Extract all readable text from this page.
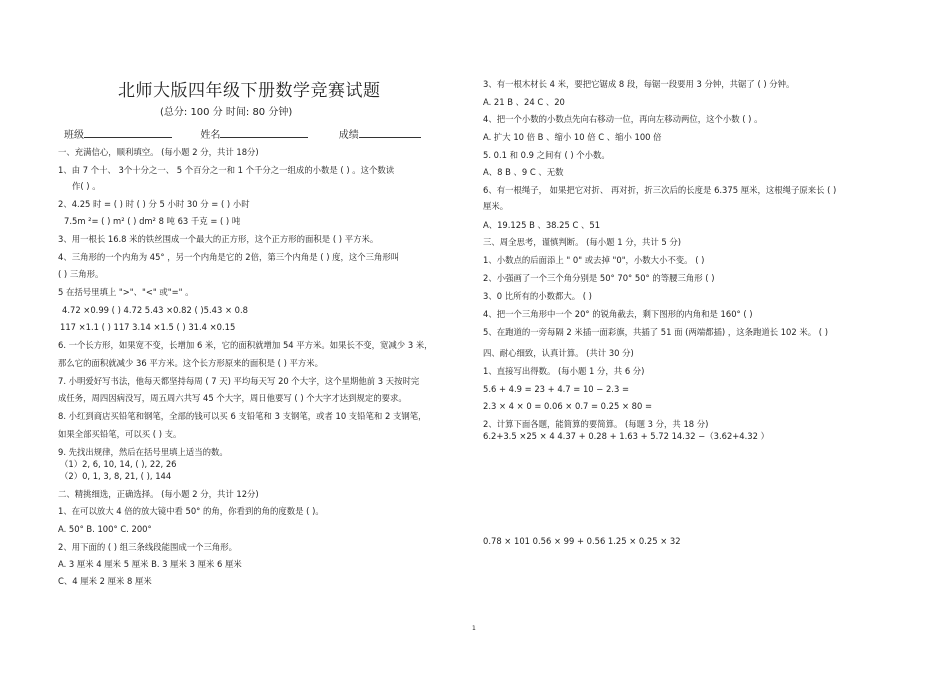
北师大版四年级下册数学竞赛试题
(总分: 100 分 时间: 80 分钟)
班级	姓名	成绩
一、充满信心，顺利填空。 (每小题 2 分，共计 18分)
1、由 7 个十、 3个十分之一、 5 个百分之一和 1 个千分之一组成的小数是 ( ) 。这个数读
作( ) 。
2、4.25 时 = ( ) 时 ( ) 分 5 小时 30 分 = ( ) 小时
7.5m ²= ( ) m² ( ) dm² 8 吨 63 千克 = ( ) 吨
3、用一根长 16.8 米的铁丝围成一个最大的正方形，这个正方形的面积是 ( ) 平方米。
4、三角形的一个内角为 45° ，另一个内角是它的 2倍，第三个内角是 ( ) 度，这个三角形叫
( ) 三角形。
5 在括号里填上 ">"、"<" 或"=" 。
4.72 ×0.99 ( ) 4.72 5.43 ×0.82 ( )5.43 × 0.8
117 ×1.1 ( ) 117 3.14 ×1.5 ( ) 31.4 ×0.15
6. 一个长方形，如果宽不变，长增加 6 米，它的面积就增加 54 平方米。如果长不变，宽减少 3 米，
那么它的面积就减少 36 平方米。这个长方形原来的面积是 ( ) 平方米。
7. 小明爱好写书法，他每天都坚持每周 ( 7 天) 平均每天写 20 个大字，这个星期他前 3 天按时完
成任务，周四因病没写，周五周六共写 45 个大字，周日他要写 ( ) 个大字才达到规定的要求。
8. 小红到商店买铅笔和钢笔，全部的钱可以买 6 支铅笔和 3 支钢笔，或者 10 支铅笔和 2 支钢笔，
如果全部买铅笔，可以买 ( ) 支。
9. 先找出规律，然后在括号里填上适当的数。
（1）2, 6, 10, 14, ( ), 22, 26
（2）0, 1, 3, 8, 21, ( ), 144
二、精挑细选，正确选择。 (每小题 2 分，共计 12分)
1、在可以放大 4 倍的放大镜中看 50° 的角，你看到的角的度数是 ( )。
A. 50° B. 100° C. 200°
2、用下面的 ( ) 组三条线段能围成一个三角形。
A. 3 厘米 4 厘米 5 厘米 B. 3 厘米 3 厘米 6 厘米
C、4 厘米 2 厘米 8 厘米
3、有一根木材长 4 米，要把它锯成 8 段，每锯一段要用 3 分钟，共锯了 ( ) 分钟。
A. 21 B 、24 C 、20
4、把一个小数的小数点先向右移动一位，再向左移动两位，这个小数 ( ) 。
A. 扩大 10 倍 B 、缩小 10 倍 C 、缩小 100 倍
5. 0.1 和 0.9 之间有 ( ) 个小数。
A、8 B 、9 C 、无数
6、有一根绳子， 如果把它对折、 再对折，折三次后的长度是 6.375 厘米，这根绳子原来长 ( )
厘米。
A、19.125 B 、38.25 C 、51
三、周全思考，谨慎判断。 (每小题 1 分，共计 5 分)
1、小数点的后面添上 " 0" 或去掉 "0"，小数大小不变。 ( )
2、小强画了一个三个角分别是 50° 70° 50° 的等腰三角形 ( )
3、0 比所有的小数都大。 ( )
4、把一个三角形中一个 20° 的锐角截去，剩下图形的内角和是 160° ( )
5、在跑道的一旁每隔 2 米插一面彩旗，共插了 51 面 (两端都插) ，这条跑道长 102 米。 ( )
四、耐心细致，认真计算。 (共计 30 分)
1、直接写出得数。 (每小题 1 分，共 6 分)
5.6 + 4.9 = 23 + 4.7 = 10 − 2.3 =
2.3 × 4 × 0 = 0.06 × 0.7 = 0.25 × 80 =
2、计算下面各题，能简算的要简算。 (每题 3 分，共 18 分)
6.2+3.5 ×25 × 4 4.37 + 0.28 + 1.63 + 5.72 14.32 −（3.62+4.32 ）
0.78 × 101 0.56 × 99 + 0.56 1.25 × 0.25 × 32
1
